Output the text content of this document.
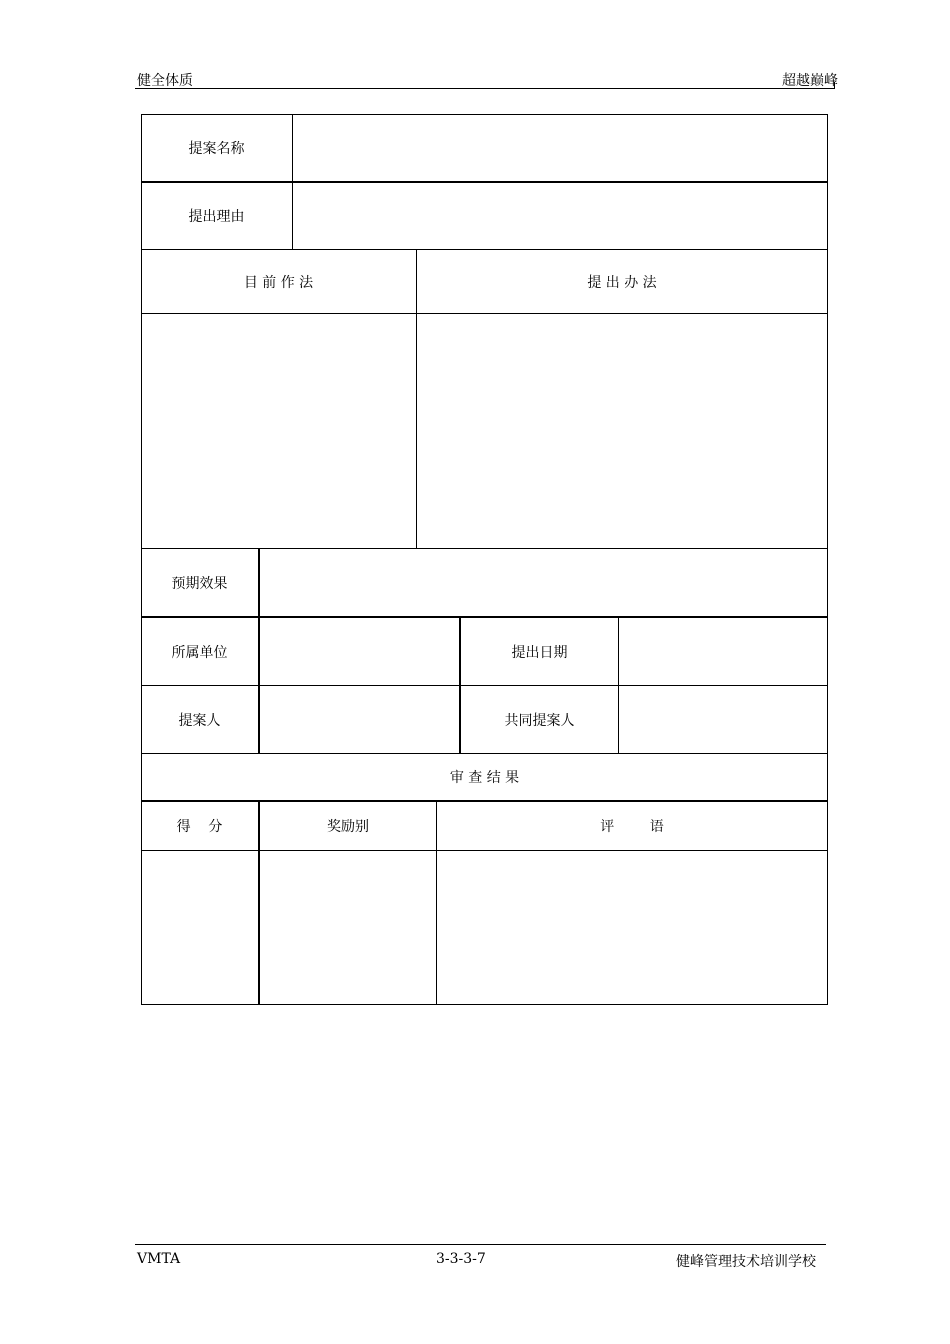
健全体质	超越巅峰
提案名称
提出理由
目 前 作 法	提 出 办 法
预期效果
所属单位	提出日期
提案人	共同提案人
审 查 结 果
得    分	奖励别	评        语
VMTA	3-3-3-7	健峰管理技术培训学校
